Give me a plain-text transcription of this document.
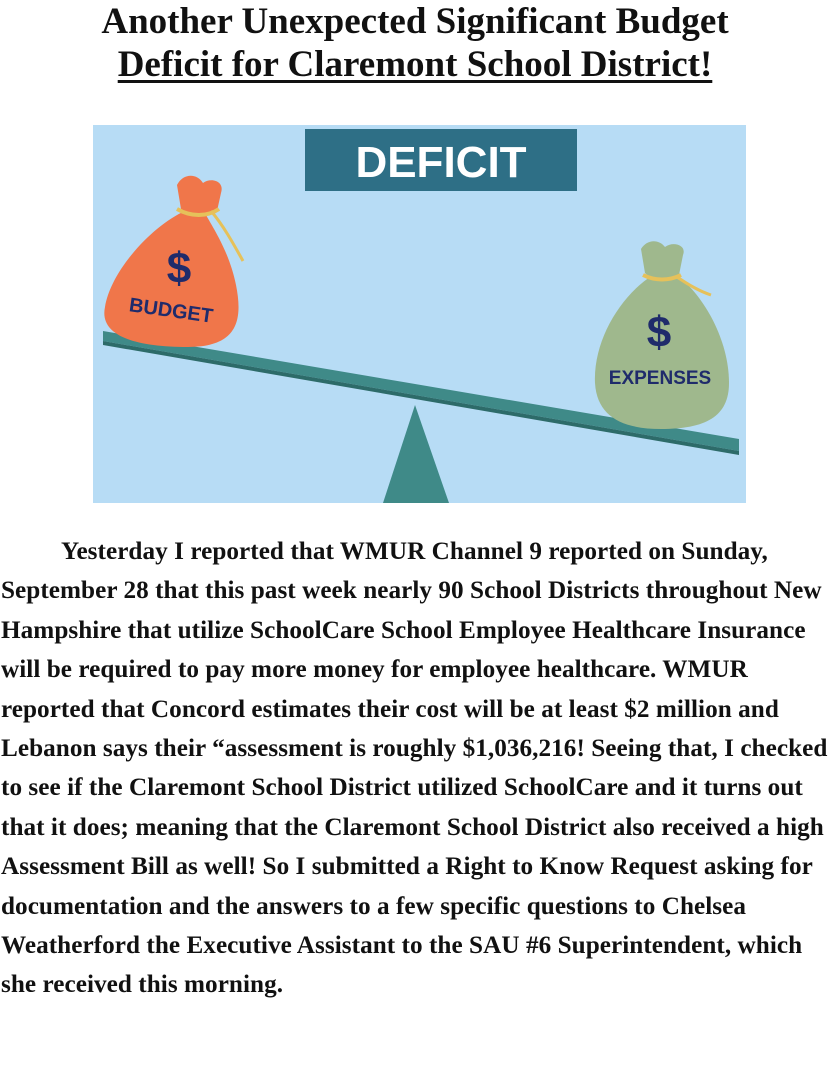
Another Unexpected Significant Budget
Deficit for Claremont School District!
DEFICIT
$
BUDGET	$
EXPENSES

Yesterday I reported that WMUR Channel 9 reported on Sunday, September 28 that this past week nearly 90 School Districts throughout New Hampshire that utilize SchoolCare School Employee Healthcare Insurance will be required to pay more money for employee healthcare. WMUR reported that Concord estimates their cost will be at least $2 million and Lebanon says their “assessment is roughly $1,036,216! Seeing that, I checked to see if the Claremont School District utilized SchoolCare and it turns out that it does; meaning that the Claremont School District also received a high Assessment Bill as well! So I submitted a Right to Know Request asking for documentation and the answers to a few specific questions to Chelsea Weatherford the Executive Assistant to the SAU #6 Superintendent, which she received this morning.
